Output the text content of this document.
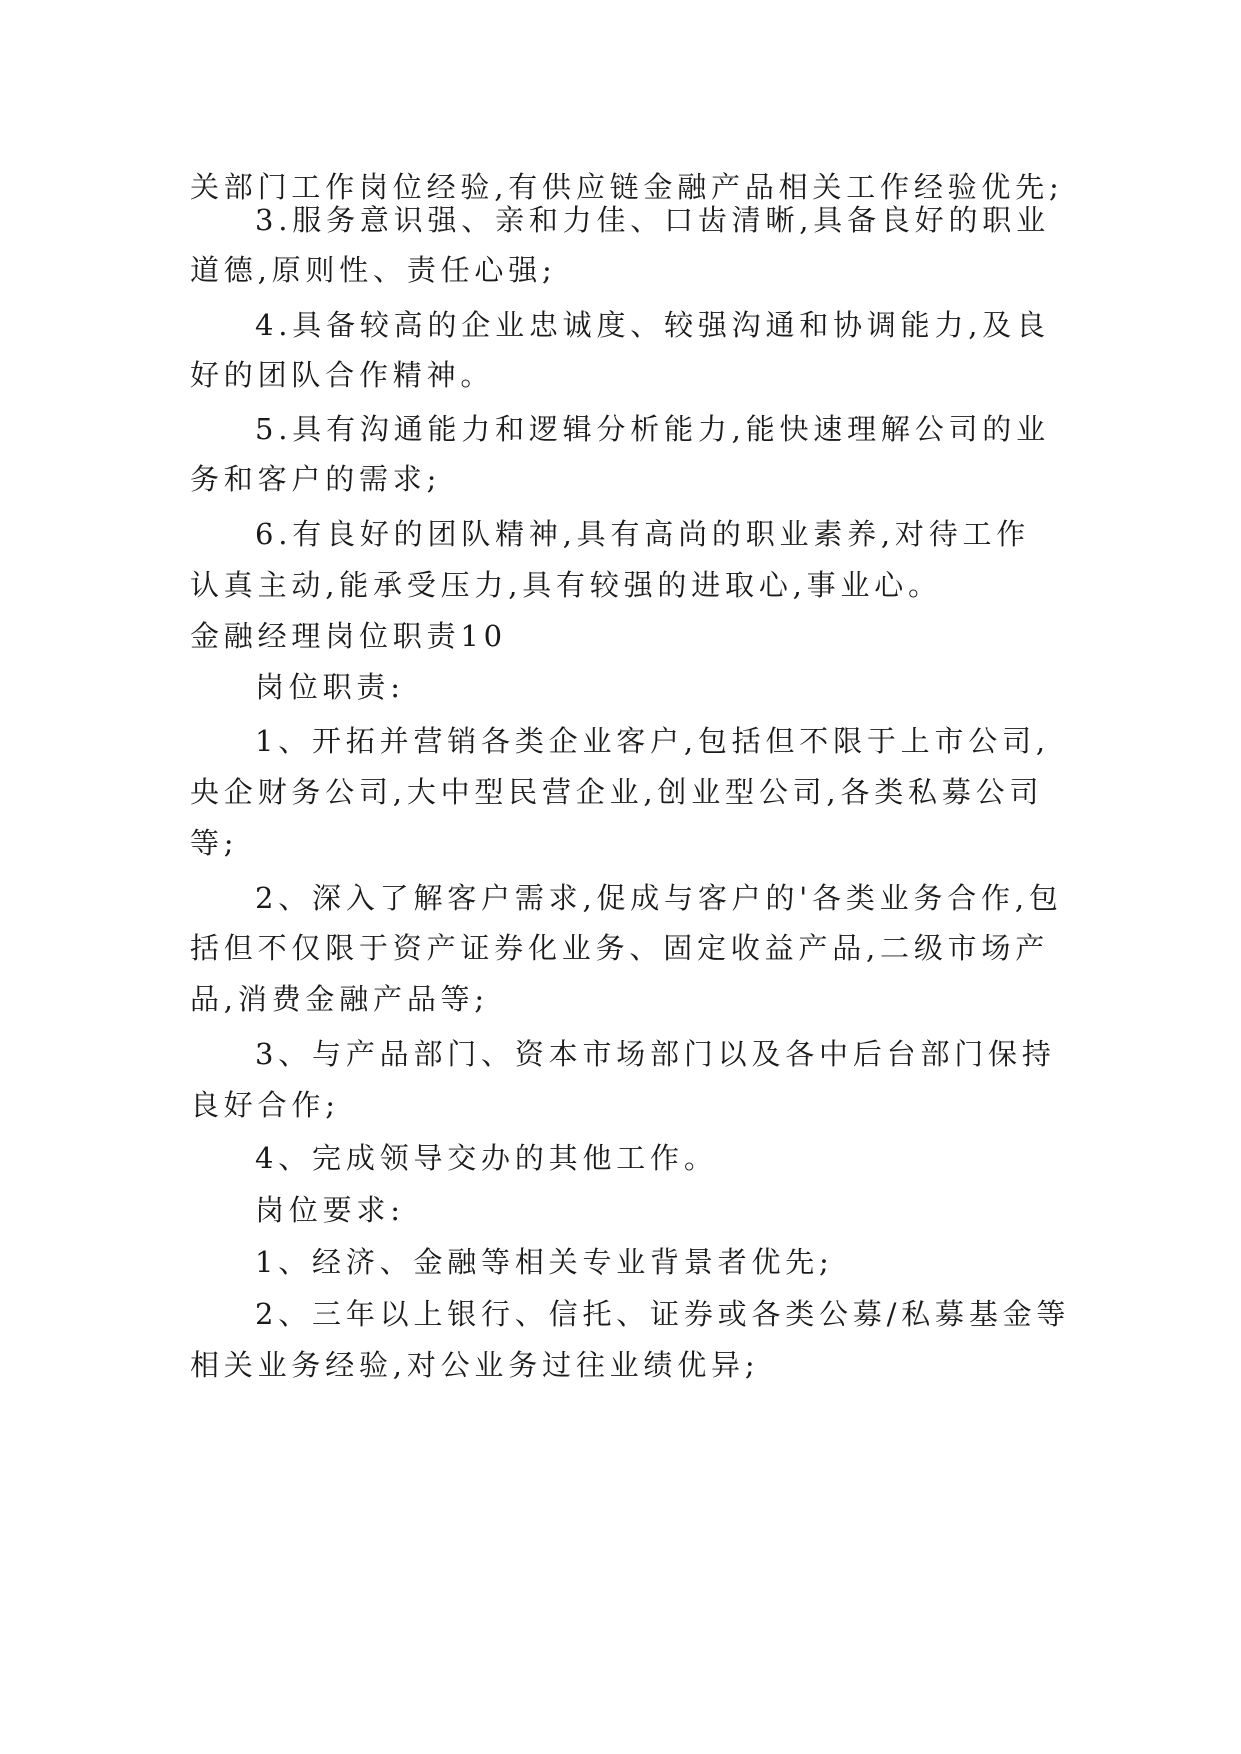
关部门工作岗位经验,有供应链金融产品相关工作经验优先;
3.服务意识强、亲和力佳、口齿清晰,具备良好的职业
道德,原则性、责任心强;
4.具备较高的企业忠诚度、较强沟通和协调能力,及良
好的团队合作精神。
5.具有沟通能力和逻辑分析能力,能快速理解公司的业
务和客户的需求;
6.有良好的团队精神,具有高尚的职业素养,对待工作
认真主动,能承受压力,具有较强的进取心,事业心。
金融经理岗位职责10
岗位职责:
1、开拓并营销各类企业客户,包括但不限于上市公司,
央企财务公司,大中型民营企业,创业型公司,各类私募公司
等;
2、深入了解客户需求,促成与客户的'各类业务合作,包
括但不仅限于资产证券化业务、固定收益产品,二级市场产
品,消费金融产品等;
3、与产品部门、资本市场部门以及各中后台部门保持
良好合作;
4、完成领导交办的其他工作。
岗位要求:
1、经济、金融等相关专业背景者优先;
2、三年以上银行、信托、证券或各类公募/私募基金等
相关业务经验,对公业务过往业绩优异;
